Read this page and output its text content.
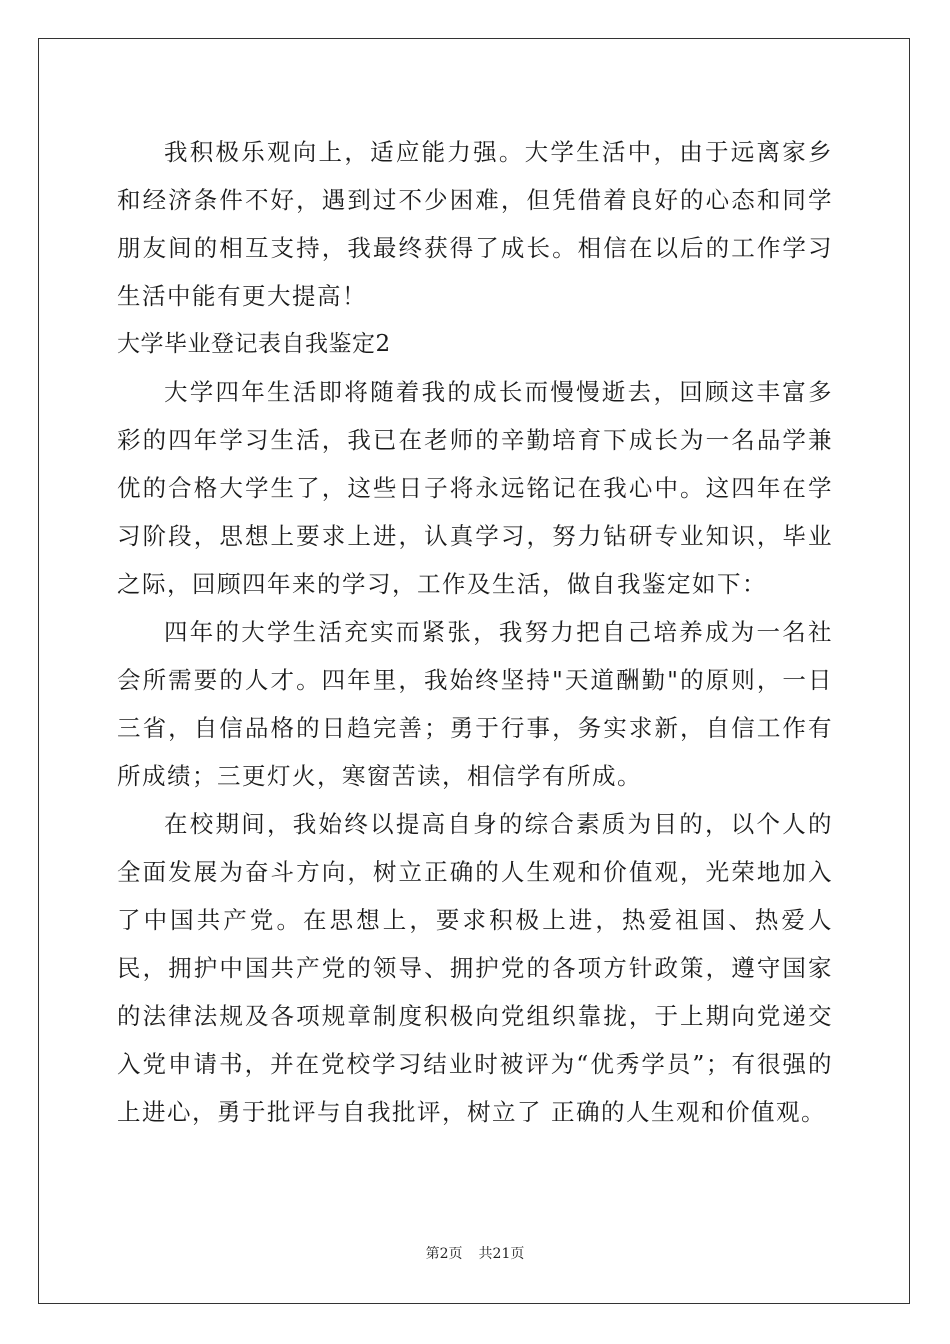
我积极乐观向上，适应能力强。大学生活中，由于远离家乡和经济条件不好，遇到过不少困难，但凭借着良好的心态和同学朋友间的相互支持，我最终获得了成长。相信在以后的工作学习生活中能有更大提高！

大学毕业登记表自我鉴定2

大学四年生活即将随着我的成长而慢慢逝去，回顾这丰富多彩的四年学习生活，我已在老师的辛勤培育下成长为一名品学兼优的合格大学生了，这些日子将永远铭记在我心中。这四年在学习阶段，思想上要求上进，认真学习，努力钻研专业知识，毕业之际，回顾四年来的学习，工作及生活，做自我鉴定如下：

四年的大学生活充实而紧张，我努力把自己培养成为一名社会所需要的人才。四年里，我始终坚持"天道酬勤"的原则，一日三省，自信品格的日趋完善；勇于行事，务实求新，自信工作有所成绩；三更灯火，寒窗苦读，相信学有所成。

在校期间，我始终以提高自身的综合素质为目的，以个人的全面发展为奋斗方向，树立正确的人生观和价值观，光荣地加入了中国共产党。在思想上，要求积极上进，热爱祖国、热爱人民，拥护中国共产党的领导、拥护党的各项方针政策，遵守国家的法律法规及各项规章制度积极向党组织靠拢，于上期向党递交入党申请书，并在党校学习结业时被评为“优秀学员”；有很强的上进心，勇于批评与自我批评，树立了 正确的人生观和价值观。

第2页 共21页
